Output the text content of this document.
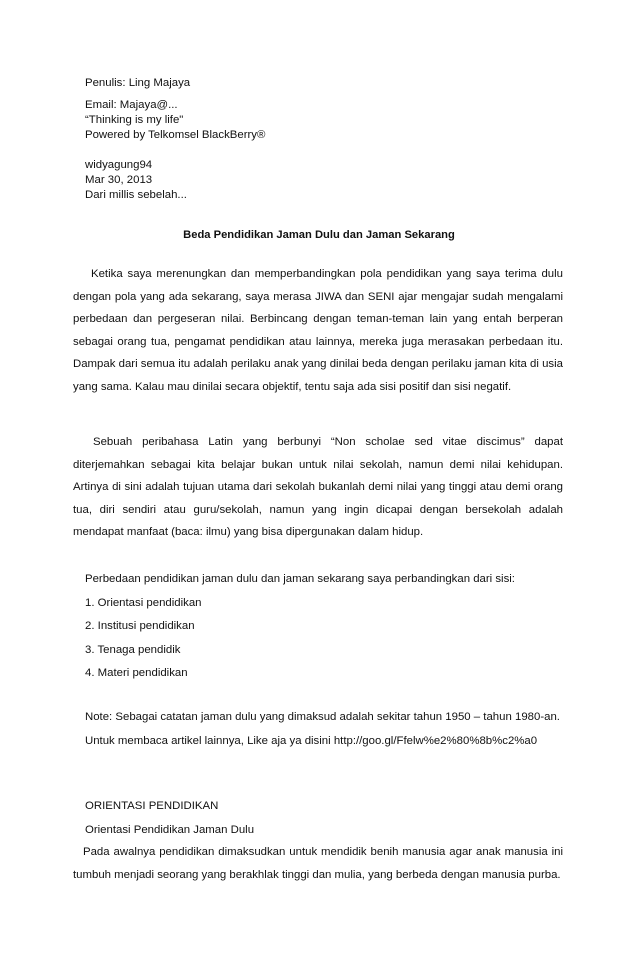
Penulis: Ling Majaya
Email: Majaya@...
“Thinking is my life"
Powered by Telkomsel BlackBerry®
widyagung94
Mar 30, 2013
Dari millis sebelah...
Beda Pendidikan Jaman Dulu dan Jaman Sekarang
Ketika saya merenungkan dan memperbandingkan pola pendidikan yang saya terima dulu dengan pola yang ada sekarang, saya merasa JIWA dan SENI ajar mengajar sudah mengalami perbedaan dan pergeseran nilai. Berbincang dengan teman-teman lain yang entah berperan sebagai orang tua, pengamat pendidikan atau lainnya, mereka juga merasakan perbedaan itu. Dampak dari semua itu adalah perilaku anak yang dinilai beda dengan perilaku jaman kita di usia yang sama. Kalau mau dinilai secara objektif, tentu saja ada sisi positif dan sisi negatif.
Sebuah peribahasa Latin yang berbunyi “Non scholae sed vitae discimus” dapat diterjemahkan sebagai kita belajar bukan untuk nilai sekolah, namun demi nilai kehidupan. Artinya di sini adalah tujuan utama dari sekolah bukanlah demi nilai yang tinggi atau demi orang tua, diri sendiri atau guru/sekolah, namun yang ingin dicapai dengan bersekolah adalah mendapat manfaat (baca: ilmu) yang bisa dipergunakan dalam hidup.
Perbedaan pendidikan jaman dulu dan jaman sekarang saya perbandingkan dari sisi:
1. Orientasi pendidikan
2. Institusi pendidikan
3. Tenaga pendidik
4. Materi pendidikan
Note: Sebagai catatan jaman dulu yang dimaksud adalah sekitar tahun 1950 – tahun 1980-an.
Untuk membaca artikel lainnya, Like aja ya disini http://goo.gl/Ffelw%e2%80%8b%c2%a0
ORIENTASI PENDIDIKAN
Orientasi Pendidikan Jaman Dulu
Pada awalnya pendidikan dimaksudkan untuk mendidik benih manusia agar anak manusia ini tumbuh menjadi seorang yang berakhlak tinggi dan mulia, yang berbeda dengan manusia purba.
